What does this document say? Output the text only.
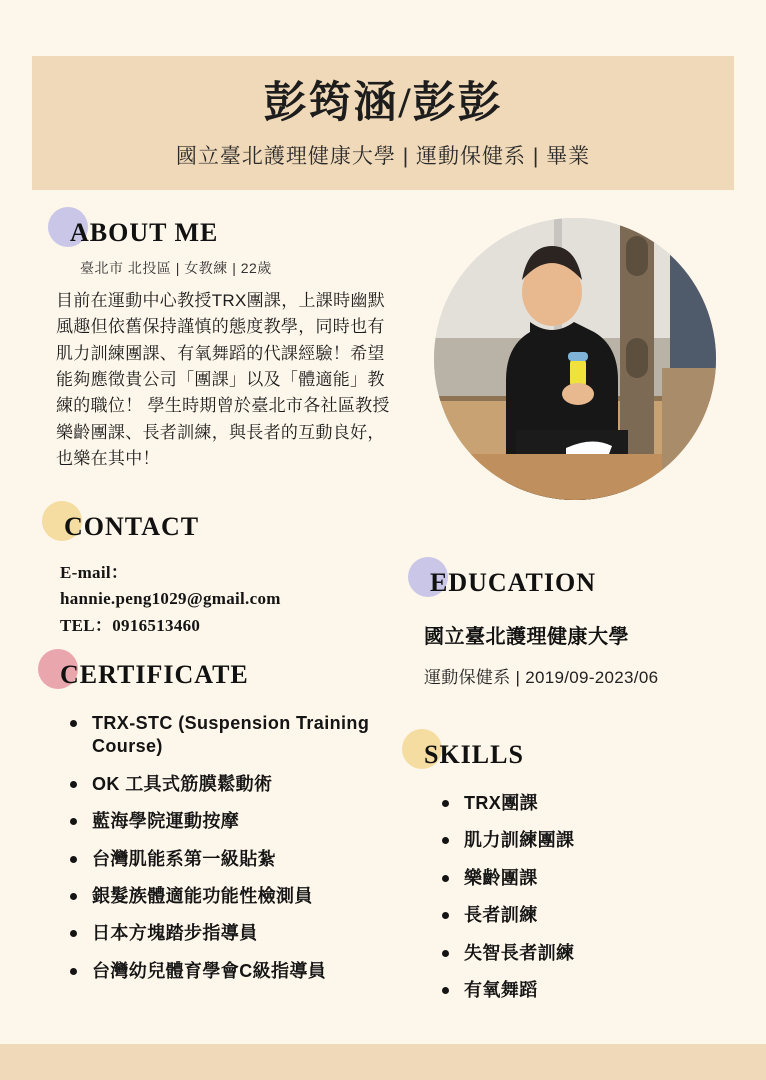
彭筠涵/彭彭
國立臺北護理健康大學 | 運動保健系 | 畢業
ABOUT ME
臺北市 北投區 | 女教練 | 22歲
目前在運動中心教授TRX團課，上課時幽默風趣但依舊保持謹慎的態度教學，同時也有肌力訓練團課、有氧舞蹈的代課經驗！希望能夠應徵貴公司「團課」以及「體適能」教練的職位！ 學生時期曾於臺北市各社區教授樂齡團課、長者訓練，與長者的互動良好，也樂在其中！
CONTACT
E-mail：
hannie.peng1029@gmail.com
TEL：0916513460
CERTIFICATE
TRX-STC (Suspension Training Course)
OK 工具式筋膜鬆動術
藍海學院運動按摩
台灣肌能系第一級貼紮
銀髮族體適能功能性檢測員
日本方塊踏步指導員
台灣幼兒體育學會C級指導員
EDUCATION
國立臺北護理健康大學
運動保健系 | 2019/09-2023/06
SKILLS
TRX團課
肌力訓練團課
樂齡團課
長者訓練
失智長者訓練
有氧舞蹈
